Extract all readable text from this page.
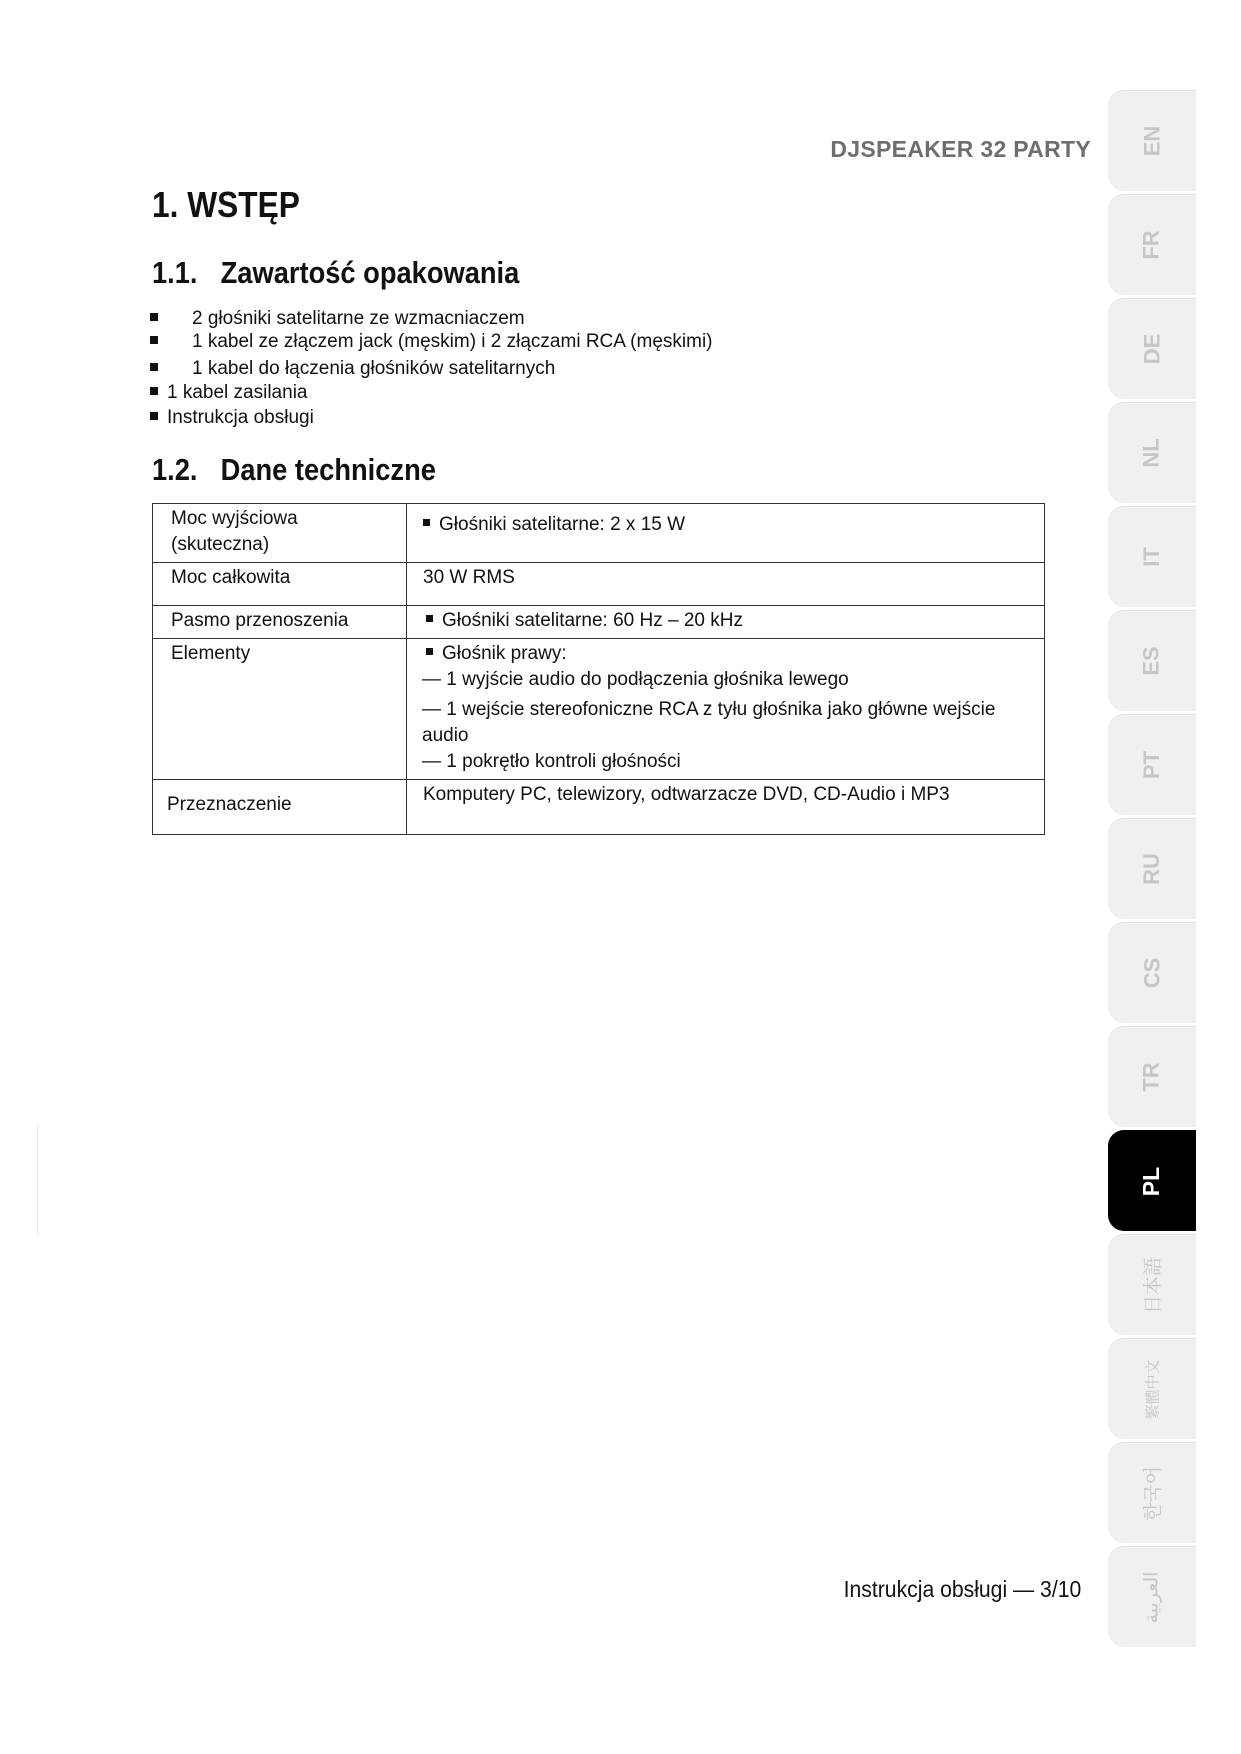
DJSPEAKER 32 PARTY
1. WSTĘP
1.1. Zawartość opakowania
2 głośniki satelitarne ze wzmacniaczem
1 kabel ze złączem jack (męskim) i 2 złączami RCA (męskimi)
1 kabel do łączenia głośników satelitarnych
1 kabel zasilania
Instrukcja obsługi
1.2. Dane techniczne
Moc wyjściowa (skuteczna)	Głośniki satelitarne: 2 x 15 W
Moc całkowita	30 W RMS
Pasmo przenoszenia	Głośniki satelitarne: 60 Hz – 20 kHz
Elementy	Głośnik prawy:
— 1 wyjście audio do podłączenia głośnika lewego
— 1 wejście stereofoniczne RCA z tyłu głośnika jako główne wejście audio
— 1 pokrętło kontroli głośności

Przeznaczenie	Komputery PC, telewizory, odtwarzacze DVD, CD-Audio i MP3
Instrukcja obsługi — 3/10
EN
FR
DE
NL
IT
ES
PT
RU
CS
TR
PL
日本語
繁體中文
한국어
العربية
